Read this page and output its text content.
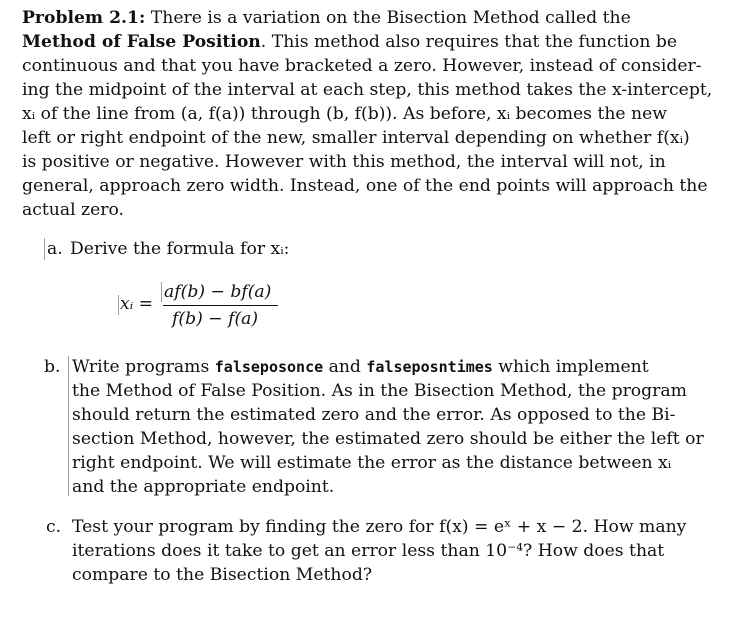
Problem 2.1: There is a variation on the Bisection Method called the
Method of False Position. This method also requires that the function be
continuous and that you have bracketed a zero. However, instead of consider-
ing the midpoint of the interval at each step, this method takes the x-intercept,
xᵢ of the line from (a, f(a)) through (b, f(b)). As before, xᵢ becomes the new
left or right endpoint of the new, smaller interval depending on whether f(xᵢ)
is positive or negative. However with this method, the interval will not, in
general, approach zero width. Instead, one of the end points will approach the
actual zero.
a. Derive the formula for xᵢ:
xᵢ =
af(b) − bf(a)
f(b) − f(a)
b. Write programs falseposonce and falseposntimes which implement
the Method of False Position. As in the Bisection Method, the program
should return the estimated zero and the error. As opposed to the Bi-
section Method, however, the estimated zero should be either the left or
right endpoint. We will estimate the error as the distance between xᵢ
and the appropriate endpoint.
c. Test your program by finding the zero for f(x) = eˣ + x − 2. How many
iterations does it take to get an error less than 10⁻⁴? How does that
compare to the Bisection Method?
